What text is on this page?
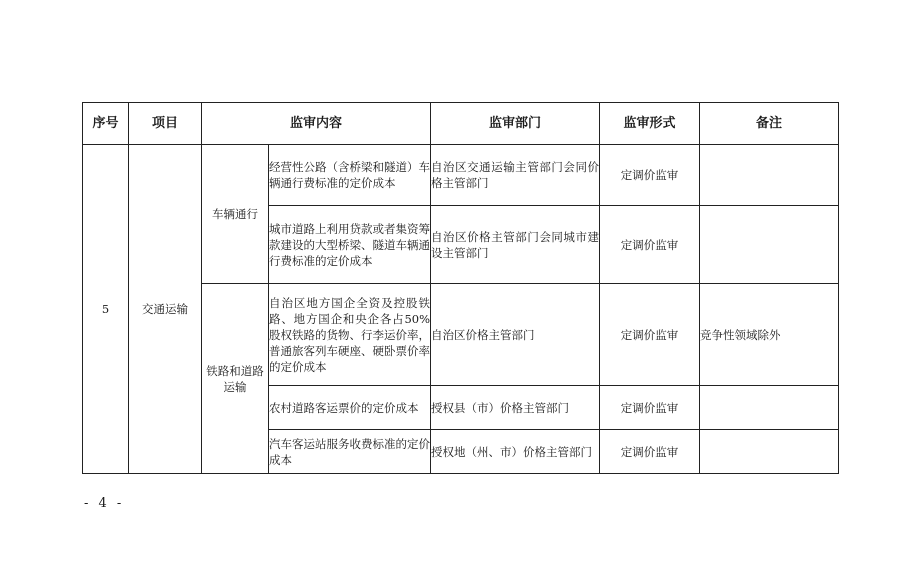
序号	项目	监审内容		监审部门	监审形式	备注
5	交通运输	车辆通行	经营性公路（含桥梁和隧道）车辆通行费标准的定价成本	自治区交通运输主管部门会同价格主管部门	定调价监审	
			城市道路上利用贷款或者集资筹款建设的大型桥梁、隧道车辆通行费标准的定价成本	自治区价格主管部门会同城市建设主管部门	定调价监审	
		铁路和道路运输	自治区地方国企全资及控股铁路、地方国企和央企各占50%股权铁路的货物、行李运价率，普通旅客列车硬座、硬卧票价率的定价成本	自治区价格主管部门	定调价监审	竞争性领域除外
			农村道路客运票价的定价成本	授权县（市）价格主管部门	定调价监审	
			汽车客运站服务收费标准的定价成本	授权地（州、市）价格主管部门	定调价监审	
- 4 -
